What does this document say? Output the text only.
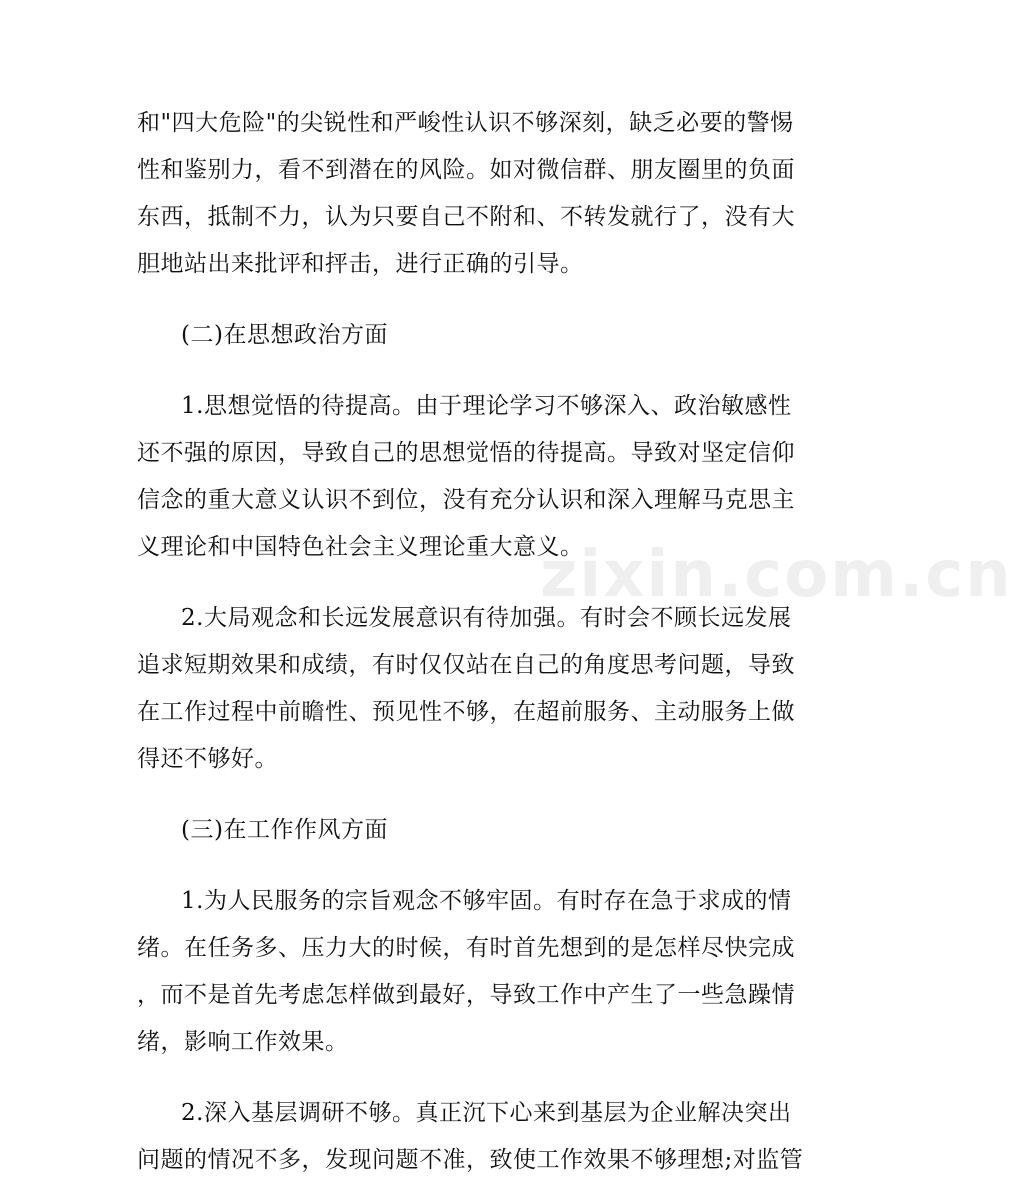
和"四大危险"的尖锐性和严峻性认识不够深刻，缺乏必要的警惕
性和鉴别力，看不到潜在的风险。如对微信群、朋友圈里的负面
东西，抵制不力，认为只要自己不附和、不转发就行了，没有大
胆地站出来批评和抨击，进行正确的引导。
(二)在思想政治方面
1.思想觉悟的待提高。由于理论学习不够深入、政治敏感性
还不强的原因，导致自己的思想觉悟的待提高。导致对坚定信仰
信念的重大意义认识不到位，没有充分认识和深入理解马克思主
义理论和中国特色社会主义理论重大意义。
2.大局观念和长远发展意识有待加强。有时会不顾长远发展
追求短期效果和成绩，有时仅仅站在自己的角度思考问题，导致
在工作过程中前瞻性、预见性不够，在超前服务、主动服务上做
得还不够好。
(三)在工作作风方面
1.为人民服务的宗旨观念不够牢固。有时存在急于求成的情
绪。在任务多、压力大的时候，有时首先想到的是怎样尽快完成
，而不是首先考虑怎样做到最好，导致工作中产生了一些急躁情
绪，影响工作效果。
2.深入基层调研不够。真正沉下心来到基层为企业解决突出
问题的情况不多，发现问题不准，致使工作效果不够理想;对监管
zixin.com.cn
